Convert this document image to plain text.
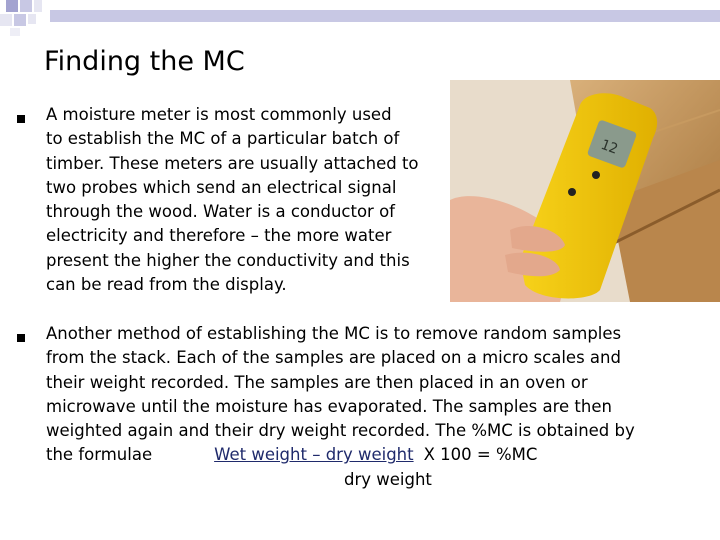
Finding the MC
A moisture meter is most commonly used
to establish the MC of a particular batch of
timber. These meters are usually attached to
two probes which send an electrical signal
through the wood. Water is a conductor of
electricity and therefore – the more water
present the higher the conductivity and this
can be read from the display.
12
Another method of establishing the MC is to remove random samples
from the stack. Each of the samples are placed on a micro scales and
their weight recorded. The samples are then placed in an oven or
microwave until the moisture has evaporated. The samples are then
weighted again and their dry weight recorded. The %MC is obtained by
the formulae	Wet weight – dry weight X 100 = %MC
dry weight
